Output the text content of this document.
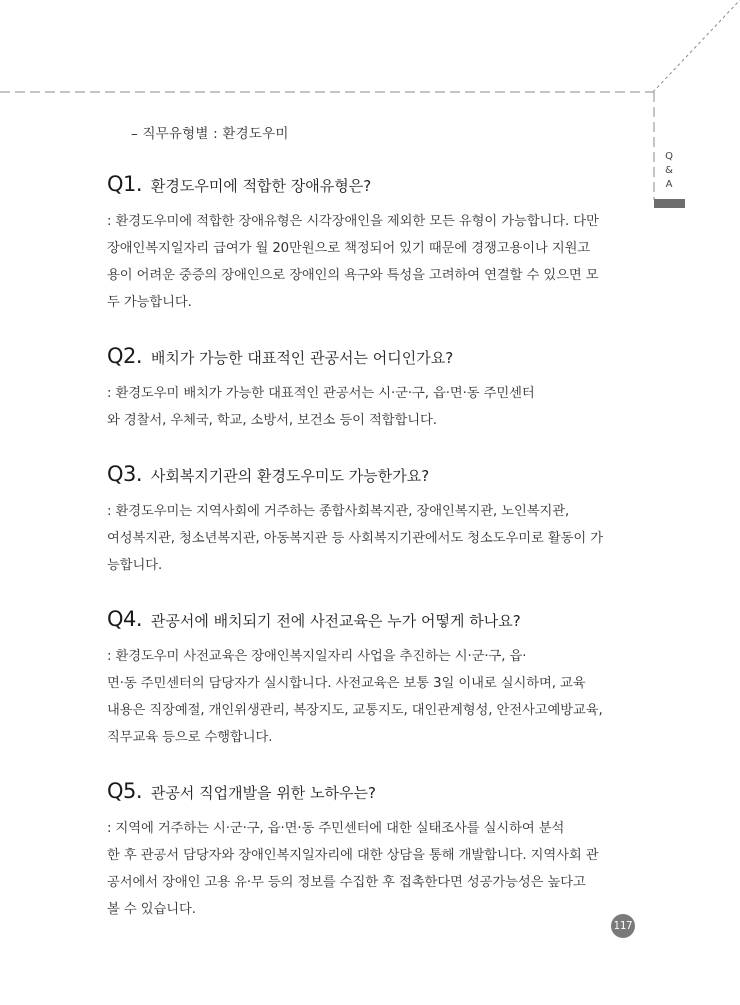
Q
&
A
– 직무유형별 : 환경도우미
Q1. 환경도우미에 적합한 장애유형은?
: 환경도우미에 적합한 장애유형은 시각장애인을 제외한 모든 유형이 가능합니다. 다만
장애인복지일자리 급여가 월 20만원으로 책정되어 있기 때문에 경쟁고용이나 지원고
용이 어려운 중증의 장애인으로 장애인의 욕구와 특성을 고려하여 연결할 수 있으면 모
두 가능합니다.
Q2. 배치가 가능한 대표적인 관공서는 어디인가요?
: 환경도우미 배치가 가능한 대표적인 관공서는 시·군·구, 읍·면·동 주민센터
와 경찰서, 우체국, 학교, 소방서, 보건소 등이 적합합니다.
Q3. 사회복지기관의 환경도우미도 가능한가요?
: 환경도우미는 지역사회에 거주하는 종합사회복지관, 장애인복지관, 노인복지관,
여성복지관, 청소년복지관, 아동복지관 등 사회복지기관에서도 청소도우미로 활동이 가
능합니다.
Q4. 관공서에 배치되기 전에 사전교육은 누가 어떻게 하나요?
: 환경도우미 사전교육은 장애인복지일자리 사업을 추진하는 시·군·구, 읍·
면·동 주민센터의 담당자가 실시합니다. 사전교육은 보통 3일 이내로 실시하며, 교육
내용은 직장예절, 개인위생관리, 복장지도, 교통지도, 대인관계형성, 안전사고예방교육,
직무교육 등으로 수행합니다.
Q5. 관공서 직업개발을 위한 노하우는?
: 지역에 거주하는 시·군·구, 읍·면·동 주민센터에 대한 실태조사를 실시하여 분석
한 후 관공서 담당자와 장애인복지일자리에 대한 상담을 통해 개발합니다. 지역사회 관
공서에서 장애인 고용 유·무 등의 정보를 수집한 후 접촉한다면 성공가능성은 높다고
볼 수 있습니다.
117
